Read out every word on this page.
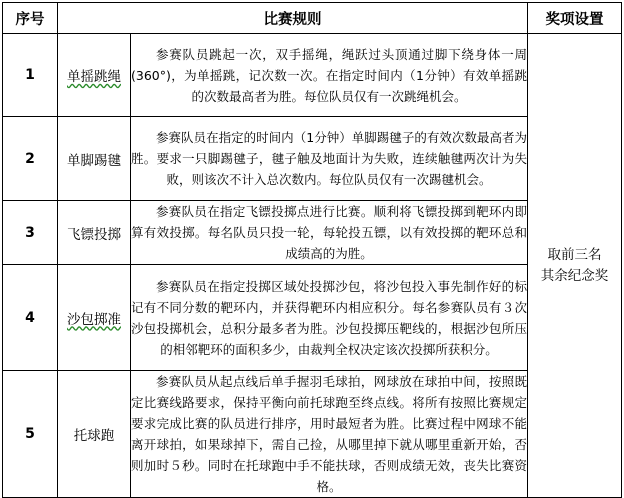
序号	比赛规则		奖项设置
1	单摇跳绳	参赛队员跳起一次，双手摇绳，绳跃过头顶通过脚下绕身体一周(360°)，为单摇跳，记次数一次。在指定时间内（1分钟）有效单摇跳的次数最高者为胜。每位队员仅有一次跳绳机会。	取前三名
其余纪念奖

2	单脚踢毽	参赛队员在指定的时间内（1分钟）单脚踢毽子的有效次数最高者为胜。要求一只脚踢毽子，毽子触及地面计为失败，连续触毽两次计为失败，则该次不计入总次数内。每位队员仅有一次踢毽机会。	
3	飞镖投掷	参赛队员在指定飞镖投掷点进行比赛。顺利将飞镖投掷到靶环内即算有效投掷。每名队员只投一轮，每轮投五镖，以有效投掷的靶环总和成绩高的为胜。	
4	沙包掷准	参赛队员在指定投掷区域处投掷沙包，将沙包投入事先制作好的标记有不同分数的靶环内，并获得靶环内相应积分。每名参赛队员有３次沙包投掷机会，总积分最多者为胜。沙包投掷压靶线的，根据沙包所压的相邻靶环的面积多少，由裁判全权决定该次投掷所获积分。	
5	托球跑	参赛队员从起点线后单手握羽毛球拍，网球放在球拍中间，按照既定比赛线路要求，保持平衡向前托球跑至终点线。将所有按照比赛规定要求完成比赛的队员进行排序，用时最短者为胜。比赛过程中网球不能离开球拍，如果球掉下，需自己捡，从哪里掉下就从哪里重新开始，否则加时５秒。同时在托球跑中手不能扶球，否则成绩无效，丧失比赛资格。	
